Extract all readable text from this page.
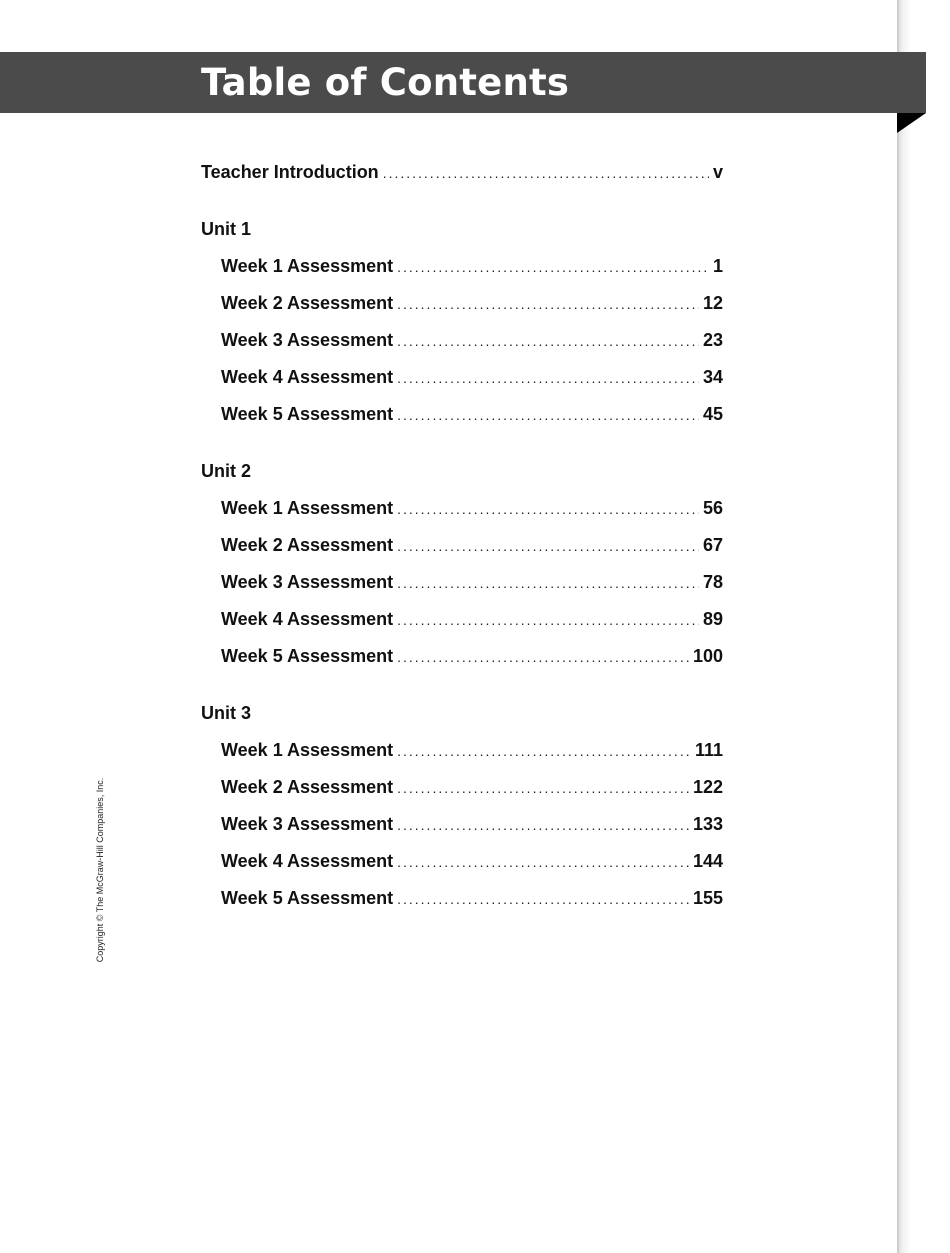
Table of Contents
Teacher Introduction .....	v
Unit 1
Week 1 Assessment .....	1
Week 2 Assessment .....	12
Week 3 Assessment .....	23
Week 4 Assessment .....	34
Week 5 Assessment .....	45
Unit 2
Week 1 Assessment .....	56
Week 2 Assessment .....	67
Week 3 Assessment .....	78
Week 4 Assessment .....	89
Week 5 Assessment .....	100
Unit 3
Week 1 Assessment .....	111
Week 2 Assessment .....	122
Week 3 Assessment .....	133
Week 4 Assessment .....	144
Week 5 Assessment .....	155
Copyright © The McGraw-Hill Companies, Inc.
